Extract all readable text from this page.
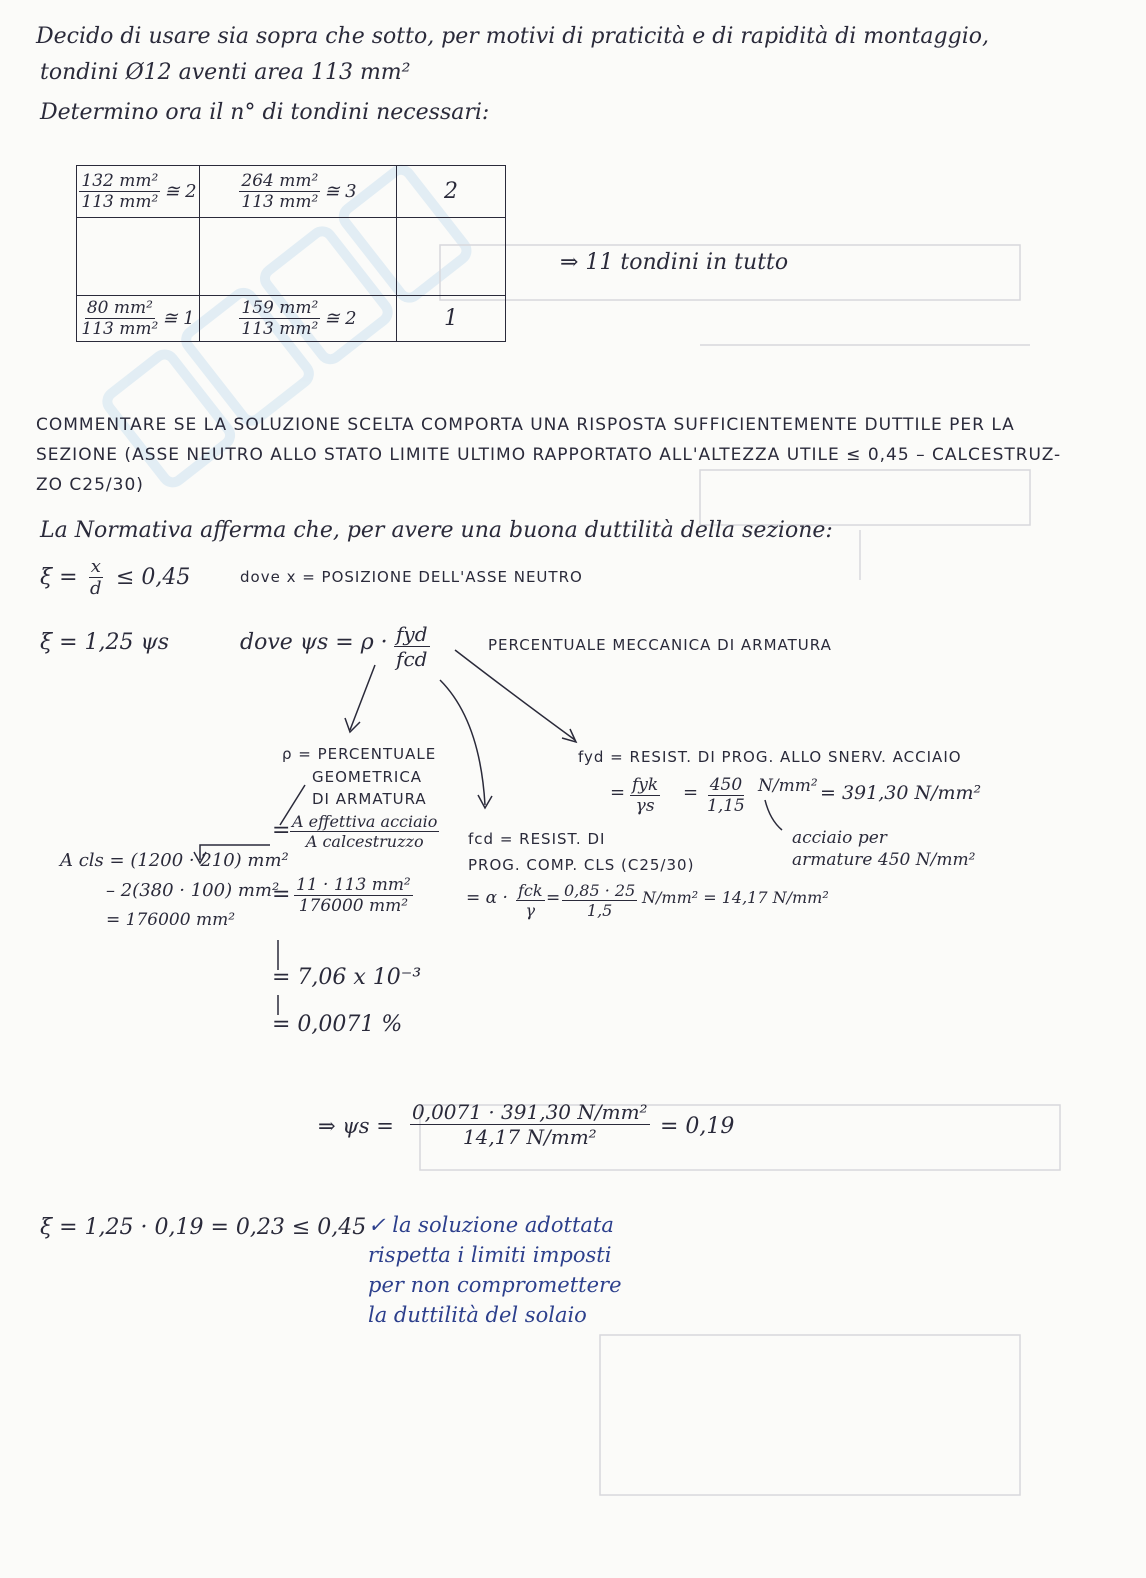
Decido di usare sia sopra che sotto, per motivi di praticità e di rapidità di montaggio,
tondini Ø12 aventi area 113 mm²
Determino ora il n° di tondini necessari:
$\frac{\text{132 mm²}}{\text{113 mm²}}$ ≅ 2	$\frac{\text{264 mm²}}{\text{113 mm²}}$ ≅ 3	2

$\frac{\text{80 mm²}}{\text{113 mm²}}$ ≅ 1	$\frac{\text{159 mm²}}{\text{113 mm²}}$ ≅ 2	1
⇒ 11 tondini in tutto
COMMENTARE SE LA SOLUZIONE SCELTA COMPORTA UNA RISPOSTA SUFFICIENTEMENTE DUTTILE PER LA
SEZIONE (ASSE NEUTRO ALLO STATO LIMITE ULTIMO RAPPORTATO ALL'ALTEZZA UTILE ≤ 0,45 – CALCESTRUZ-
ZO C25/30)
La Normativa afferma che, per avere una buona duttilità della sezione:
$\xi = \frac{x}{d} \le 0,45$	dove x = POSIZIONE DELL'ASSE NEUTRO
ξ = 1,25 ψs	dove ψs = ρ · fyd
fcd
PERCENTUALE MECCANICA DI ARMATURA
ρ = PERCENTUALE
GEOMETRICA
DI ARMATURA
= A effettiva acciaio
A calcestruzzo
= $\frac{\text{11 · 113 mm²}}{\text{176000 mm²}}$
= 7,06 x 10⁻³
= 0,0071 %
A cls = (1200 · 210) mm²
– 2(380 · 100) mm²
= 176000 mm²
fyd = RESIST. DI PROG. ALLO SNERV. ACCIAIO
= fyk
γs
= $\frac{450}{1,15} N/mm^2 = 391,30$ N/mm²
acciaio per
armature 450 N/mm²
fcd = RESIST. DI
PROG. COMP. CLS (C25/30)
= α · fck
γ
= $\frac{0,85 \cdot 25}{1,5} N/mm^2 = 14,17$ N/mm²
⇒ $\psi s = \frac{\text{0,0071 · 391,30 N/mm²}}{\text{14,17 N/mm²}} = 0,19$
ξ = 1,25 · 0,19 = 0,23 ≤ 0,45 ✓ la soluzione adottata
rispetta i limiti imposti
per non compromettere
la duttilità del solaio
